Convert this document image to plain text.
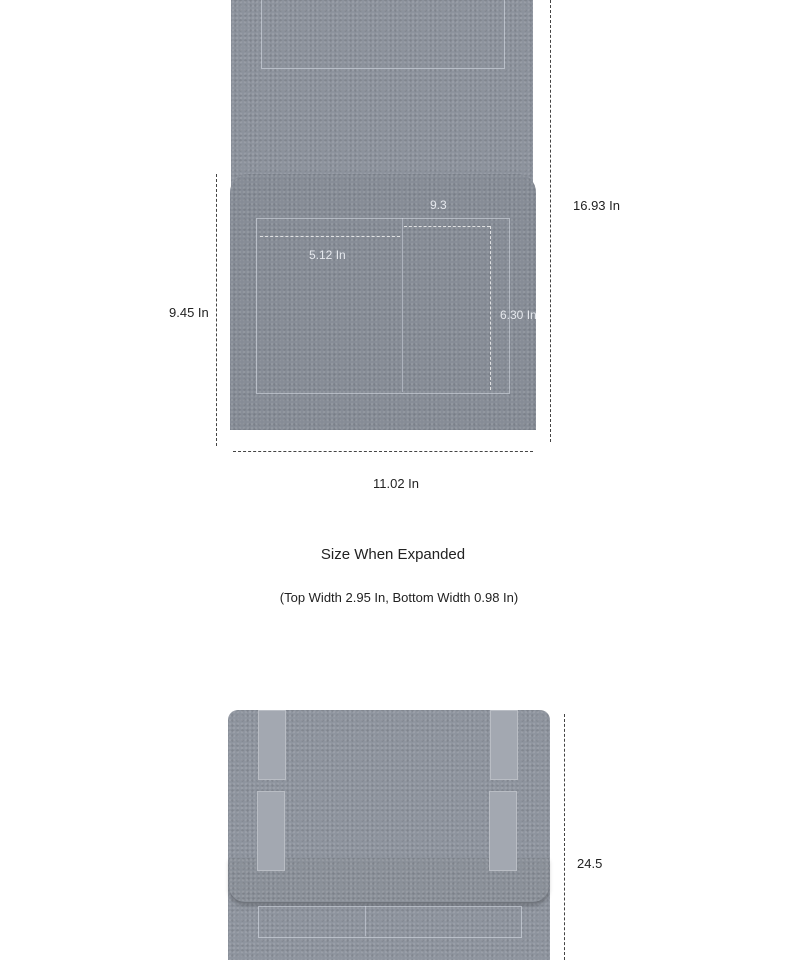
9.3
5.12 In
6.30 In
16.93 In
9.45 In
11.02 In
Size When Expanded
(Top Width 2.95 In, Bottom Width 0.98 In)
24.5
